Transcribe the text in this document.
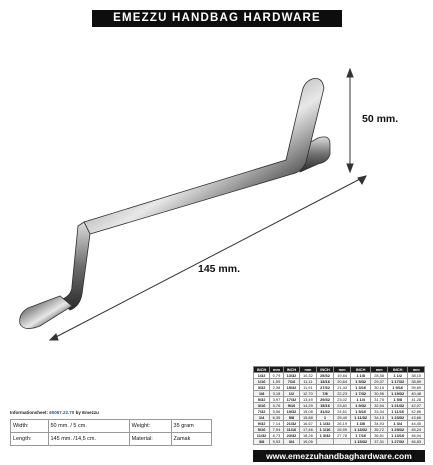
EMEZZU HANDBAG HARDWARE
50 mm.
145 mm.
Informationsheet: 60067.22.70 by Emezzu
Width:	50 mm. / 5 cm.	Weight:	35 gram
Length:	145 mm. /14,5 cm.	Material:	Zamak
INCH	mm	INCH	mm	INCH	mm	INCH	mm	INCH	mm
1/32	0,79	13/32	10,32	25/32	19,84	1 1/8	28,58	1 1/2	38,10
1/16	1,59	7/16	11,11	13/16	20,64	1 5/32	29,37	1 17/32	38,89
3/32	2,38	15/32	11,91	27/32	21,43	1 3/16	30,16	1 9/16	39,69
1/8	3,18	1/2	12,70	7/8	22,23	1 7/32	30,96	1 19/32	40,48
5/32	3,97	17/32	13,49	29/32	23,02	1 1/4	31,75	1 5/8	41,28
3/16	4,76	9/16	14,29	15/16	23,81	1 9/32	32,54	1 21/32	42,07
7/32	5,56	19/32	15,08	31/32	24,61	1 5/16	33,34	1 11/16	42,86
1/4	6,35	5/8	15,88	1	25,40	1 11/32	34,13	1 23/32	43,66
9/32	7,14	21/32	16,67	1 1/32	26,19	1 3/8	34,93	1 3/4	44,45
5/16	7,94	11/16	17,46	1 1/16	26,99	1 13/32	35,72	1 25/32	45,24
11/32	8,73	23/32	18,26	1 3/32	27,78	1 7/16	36,51	1 13/16	46,04
3/8	9,53	3/4	19,05			1 15/32	37,31	1 27/32	46,83
www.emezzuhandbaghardware.com
